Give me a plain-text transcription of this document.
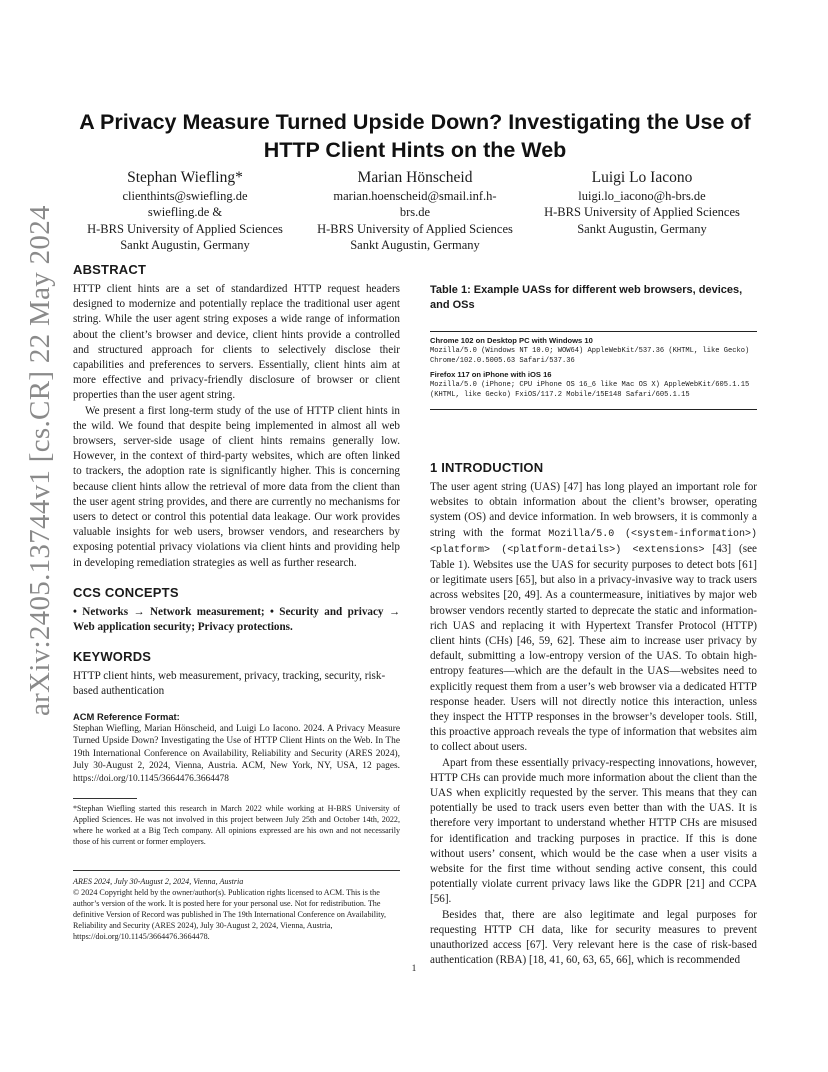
arXiv:2405.13744v1 [cs.CR] 22 May 2024
A Privacy Measure Turned Upside Down? Investigating the Use of HTTP Client Hints on the Web
Stephan Wiefling*
clienthints@swiefling.de
swiefling.de &
H-BRS University of Applied Sciences
Sankt Augustin, Germany
Marian Hönscheid
marian.hoenscheid@smail.inf.h-
brs.de
H-BRS University of Applied Sciences
Sankt Augustin, Germany
Luigi Lo Iacono
luigi.lo_iacono@h-brs.de
H-BRS University of Applied Sciences
Sankt Augustin, Germany
ABSTRACT

HTTP client hints are a set of standardized HTTP request headers designed to modernize and potentially replace the traditional user agent string. While the user agent string exposes a wide range of information about the client’s browser and device, client hints provide a controlled and structured approach for clients to selectively disclose their capabilities and preferences to servers. Essentially, client hints aim at more effective and privacy-friendly disclosure of browser or client properties than the user agent string.

We present a first long-term study of the use of HTTP client hints in the wild. We found that despite being implemented in almost all web browsers, server-side usage of client hints remains generally low. However, in the context of third-party websites, which are often linked to trackers, the adoption rate is significantly higher. This is concerning because client hints allow the retrieval of more data from the client than the user agent string provides, and there are currently no mechanisms for users to detect or control this potential data leakage. Our work provides valuable insights for web users, browser vendors, and researchers by exposing potential privacy violations via client hints and providing help in developing remediation strategies as well as further research.

CCS CONCEPTS

• Networks → Network measurement; • Security and privacy → Web application security; Privacy protections.

KEYWORDS

HTTP client hints, web measurement, privacy, tracking, security, risk-based authentication

ACM Reference Format:
Stephan Wiefling, Marian Hönscheid, and Luigi Lo Iacono. 2024. A Privacy Measure Turned Upside Down? Investigating the Use of HTTP Client Hints on the Web. In The 19th International Conference on Availability, Reliability and Security (ARES 2024), July 30-August 2, 2024, Vienna, Austria. ACM, New York, NY, USA, 12 pages. https://doi.org/10.1145/3664476.3664478
*Stephan Wiefling started this research in March 2022 while working at H-BRS University of Applied Sciences. He was not involved in this project between July 25th and October 14th, 2022, where he worked at a Big Tech company. All opinions expressed are his own and not necessarily those of his current or former employers.

ARES 2024, July 30-August 2, 2024, Vienna, Austria

© 2024 Copyright held by the owner/author(s). Publication rights licensed to ACM. This is the author’s version of the work. It is posted here for your personal use. Not for redistribution. The definitive Version of Record was published in The 19th International Conference on Availability, Reliability and Security (ARES 2024), July 30-August 2, 2024, Vienna, Austria, https://doi.org/10.1145/3664476.3664478.

Table 1: Example UASs for different web browsers, devices, and OSs
Chrome 102 on Desktop PC with Windows 10
Mozilla/5.0 (Windows NT 10.0; WOW64) AppleWebKit/537.36 (KHTML, like Gecko) Chrome/102.0.5005.63 Safari/537.36
Firefox 117 on iPhone with iOS 16
Mozilla/5.0 (iPhone; CPU iPhone OS 16_6 like Mac OS X) AppleWebKit/605.1.15 (KHTML, like Gecko) FxiOS/117.2 Mobile/15E148 Safari/605.1.15
1 INTRODUCTION

The user agent string (UAS) [47] has long played an important role for websites to obtain information about the client’s browser, operating system (OS) and device information. In web browsers, it is commonly a string with the format Mozilla/5.0 (<system-information>) <platform> (<platform-details>) <extensions> [43] (see Table 1). Websites use the UAS for security purposes to detect bots [61] or legitimate users [65], but also in a privacy-invasive way to track users across websites [20, 49]. As a countermeasure, initiatives by major web browser vendors recently started to deprecate the static and information-rich UAS and replacing it with Hypertext Transfer Protocol (HTTP) client hints (CHs) [46, 59, 62]. These aim to increase user privacy by default, submitting a low-entropy version of the UAS. To obtain high-entropy features—which are the default in the UAS—websites need to explicitly request them from a user’s web browser via a dedicated HTTP response header. Users will not directly notice this interaction, unless they inspect the HTTP responses in the browser’s developer tools. Still, this proactive approach reveals the type of information that websites aim to collect about users.

Apart from these essentially privacy-respecting innovations, however, HTTP CHs can provide much more information about the client than the UAS when explicitly requested by the server. This means that they can potentially be used to track users even better than with the UAS. It is therefore very important to understand whether HTTP CHs are misused for identification and tracking purposes in practice. If this is done without users’ consent, which would be the case when a user visits a website for the first time without sending active consent, this could potentially violate current privacy laws like the GDPR [21] and CCPA [56].

Besides that, there are also legitimate and legal purposes for requesting HTTP CH data, like for security measures to prevent unauthorized access [67]. Very relevant here is the case of risk-based authentication (RBA) [18, 41, 60, 63, 65, 66], which is recommended

1
